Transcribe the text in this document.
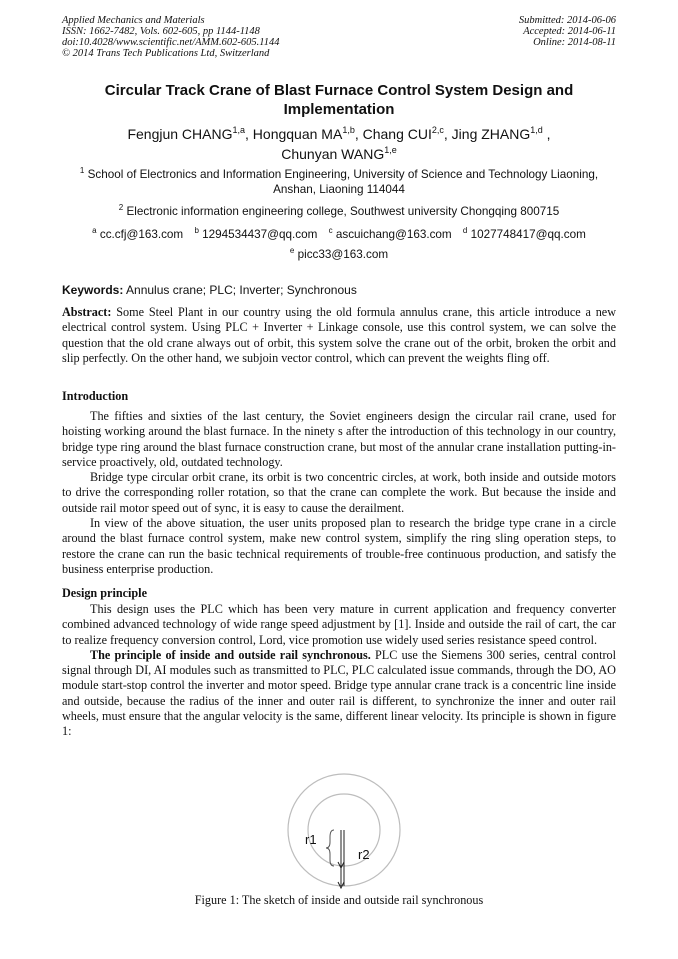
Applied Mechanics and Materials
ISSN: 1662-7482, Vols. 602-605, pp 1144-1148
doi:10.4028/www.scientific.net/AMM.602-605.1144
© 2014 Trans Tech Publications Ltd, Switzerland
Submitted: 2014-06-06
Accepted: 2014-06-11
Online: 2014-08-11
Circular Track Crane of Blast Furnace Control System Design and
Implementation
Fengjun CHANG$^{1,a}$, Hongquan MA$^{1,b}$, Chang CUI$^{2,c}$, Jing ZHANG$^{1,d}$ ,
Chunyan WANG$^{1,e}$
$^1$ School of Electronics and Information Engineering, University of Science and Technology Liaoning, Anshan, Liaoning 114044
$^2$ Electronic information engineering college, Southwest university Chongqing 800715
$^a$ cc.cfj@163.com $^b$ 1294534437@qq.com $^c$ ascuichang@163.com $^d$ 1027748417@qq.com
$^e$ picc33@163.com
Keywords: Annulus crane; PLC; Inverter; Synchronous

Abstract: Some Steel Plant in our country using the old formula annulus crane, this article introduce a new electrical control system. Using PLC + Inverter + Linkage console, use this control system, we can solve the question that the old crane always out of orbit, this system solve the crane out of the orbit, broken the orbit and slip perfectly. On the other hand, we subjoin vector control, which can prevent the weights fling off.

Introduction

The fifties and sixties of the last century, the Soviet engineers design the circular rail crane, used for hoisting working around the blast furnace. In the ninety s after the introduction of this technology in our country, bridge type ring around the blast furnace construction crane, but most of the annular crane installation putting-in-service proactively, old, outdated technology.

Bridge type circular orbit crane, its orbit is two concentric circles, at work, both inside and outside motors to drive the corresponding roller rotation, so that the crane can complete the work. But because the inside and outside rail motor speed out of sync, it is easy to cause the derailment.

In view of the above situation, the user units proposed plan to research the bridge type crane in a circle around the blast furnace control system, make new control system, simplify the ring sling operation steps, to restore the crane can run the basic technical requirements of trouble-free continuous production, and satisfy the business enterprise production.

Design principle

This design uses the PLC which has been very mature in current application and frequency converter combined advanced technology of wide range speed adjustment by [1]. Inside and outside the rail of cart, the car to realize frequency conversion control, Lord, vice promotion use widely used series resistance speed control.

The principle of inside and outside rail synchronous. PLC use the Siemens 300 series, central control signal through DI, AI modules such as transmitted to PLC, PLC calculated issue commands, through the DO, AO module start-stop control the inverter and motor speed. Bridge type annular crane track is a concentric line inside and outside, because the radius of the inner and outer rail is different, to synchronize the inner and outer rail wheels, must ensure that the angular velocity is the same, different linear velocity. Its principle is shown in figure 1:

r1
r2
Figure 1: The sketch of inside and outside rail synchronous
